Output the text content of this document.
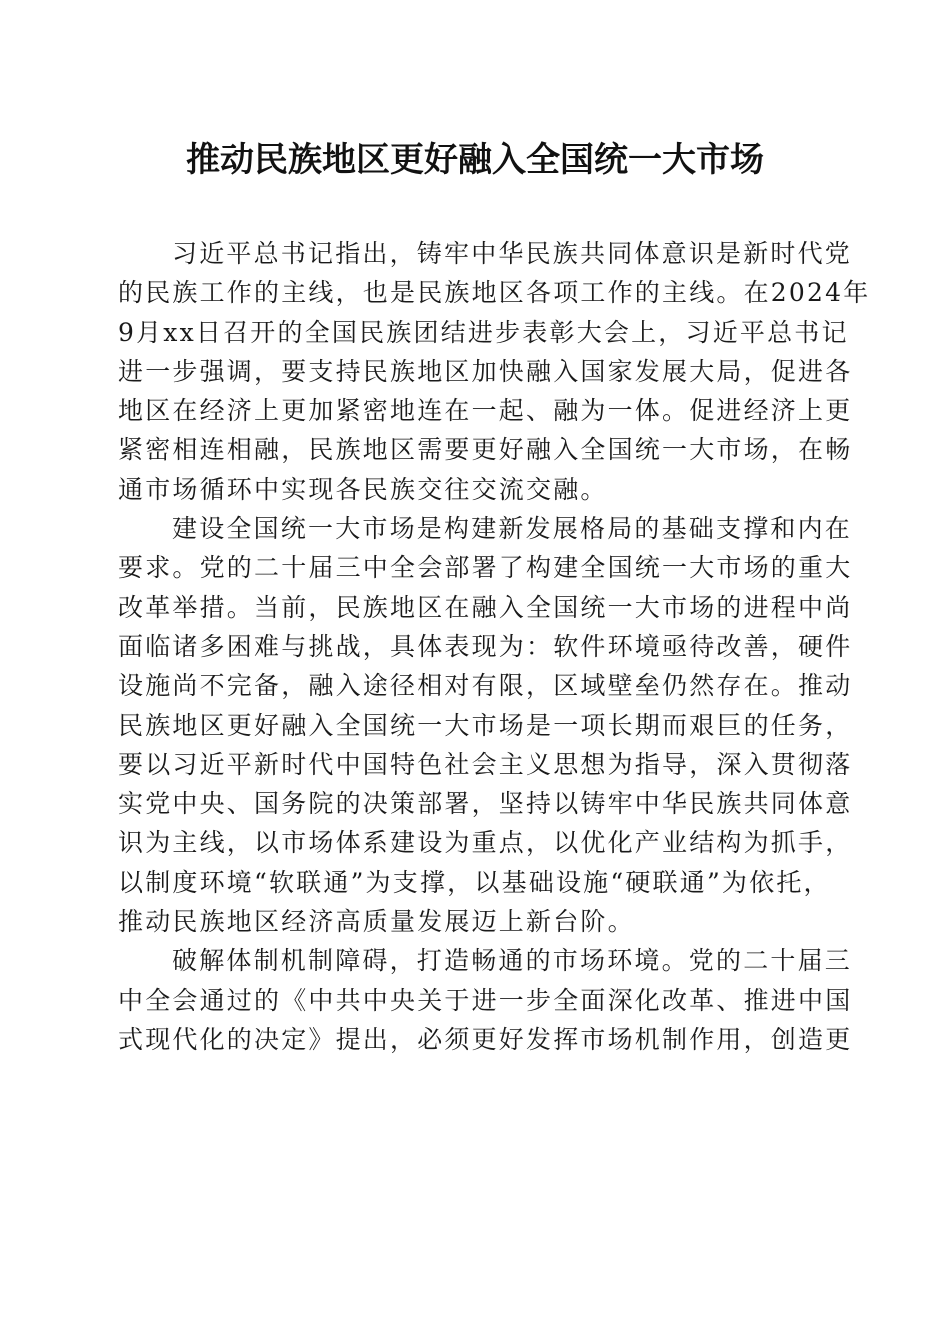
推动民族地区更好融入全国统一大市场
习近平总书记指出，铸牢中华民族共同体意识是新时代党
的民族工作的主线，也是民族地区各项工作的主线。在2024年
9月xx日召开的全国民族团结进步表彰大会上，习近平总书记
进一步强调，要支持民族地区加快融入国家发展大局，促进各
地区在经济上更加紧密地连在一起、融为一体。促进经济上更
紧密相连相融，民族地区需要更好融入全国统一大市场，在畅
通市场循环中实现各民族交往交流交融。
建设全国统一大市场是构建新发展格局的基础支撑和内在
要求。党的二十届三中全会部署了构建全国统一大市场的重大
改革举措。当前，民族地区在融入全国统一大市场的进程中尚
面临诸多困难与挑战，具体表现为：软件环境亟待改善，硬件
设施尚不完备，融入途径相对有限，区域壁垒仍然存在。推动
民族地区更好融入全国统一大市场是一项长期而艰巨的任务，
要以习近平新时代中国特色社会主义思想为指导，深入贯彻落
实党中央、国务院的决策部署，坚持以铸牢中华民族共同体意
识为主线，以市场体系建设为重点，以优化产业结构为抓手，
以制度环境“软联通”为支撑，以基础设施“硬联通”为依托，
推动民族地区经济高质量发展迈上新台阶。
破解体制机制障碍，打造畅通的市场环境。党的二十届三
中全会通过的《中共中央关于进一步全面深化改革、推进中国
式现代化的决定》提出，必须更好发挥市场机制作用，创造更
